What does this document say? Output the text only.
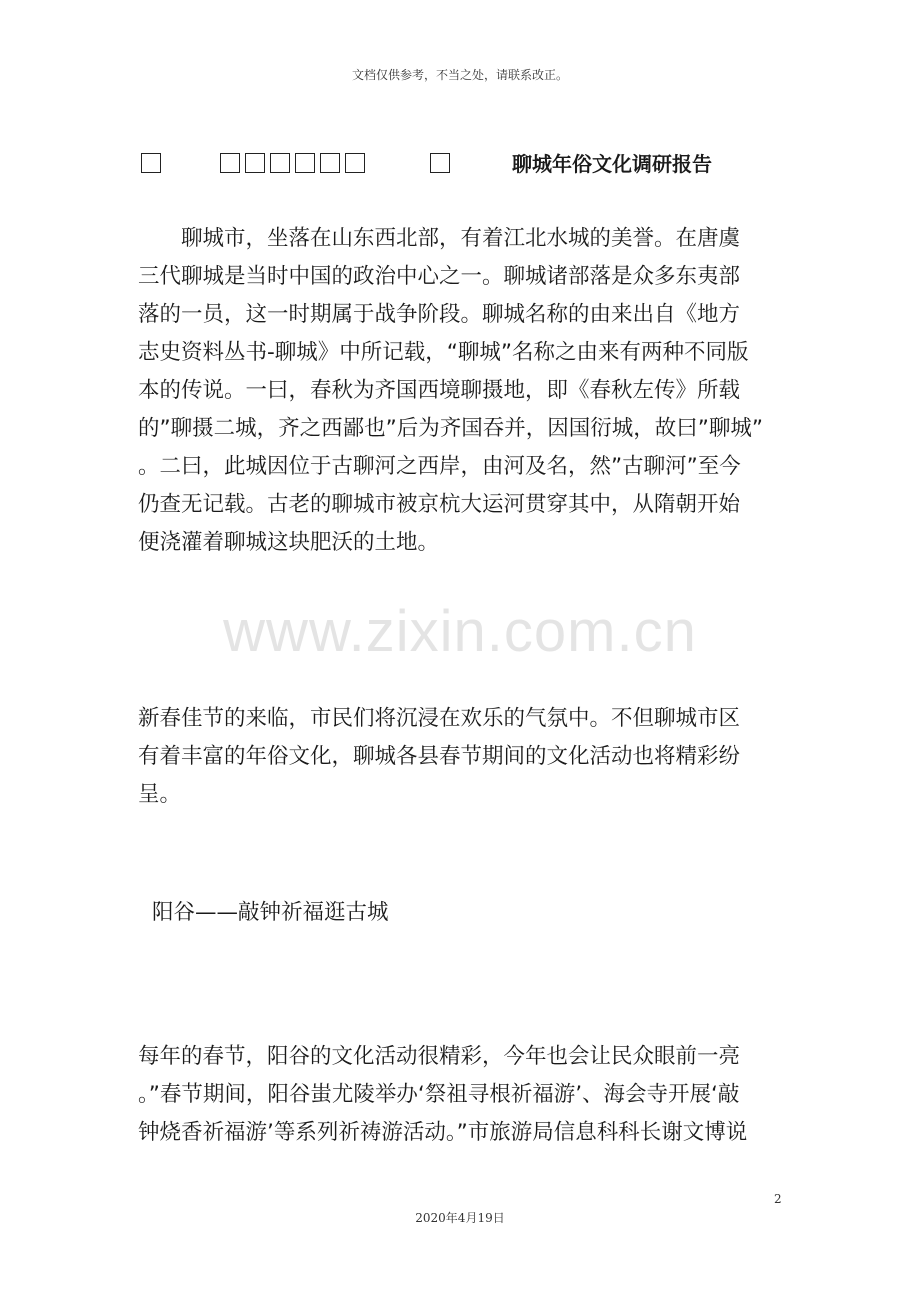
文档仅供参考，不当之处，请联系改正。
聊城年俗文化调研报告
　　聊城市，坐落在山东西北部，有着江北水城的美誉。在唐虞
三代聊城是当时中国的政治中心之一。聊城诸部落是众多东夷部
落的一员，这一时期属于战争阶段。聊城名称的由来出自《地方
志史资料丛书-聊城》中所记载，“聊城”名称之由来有两种不同版
本的传说。一曰，春秋为齐国西境聊摄地，即《春秋左传》所载
的”聊摄二城，齐之西鄙也”后为齐国吞并，因国衍城，故曰”聊城”
。二曰，此城因位于古聊河之西岸，由河及名，然”古聊河”至今
仍查无记载。古老的聊城市被京杭大运河贯穿其中，从隋朝开始
便浇灌着聊城这块肥沃的土地。
www.zixin.com.cn
新春佳节的来临，市民们将沉浸在欢乐的气氛中。不但聊城市区
有着丰富的年俗文化，聊城各县春节期间的文化活动也将精彩纷
呈。
阳谷——敲钟祈福逛古城
每年的春节，阳谷的文化活动很精彩，今年也会让民众眼前一亮
。”春节期间，阳谷蚩尤陵举办‘祭祖寻根祈福游’、海会寺开展‘敲
钟烧香祈福游’等系列祈祷游活动。”市旅游局信息科科长谢文博说
2
2020年4月19日
